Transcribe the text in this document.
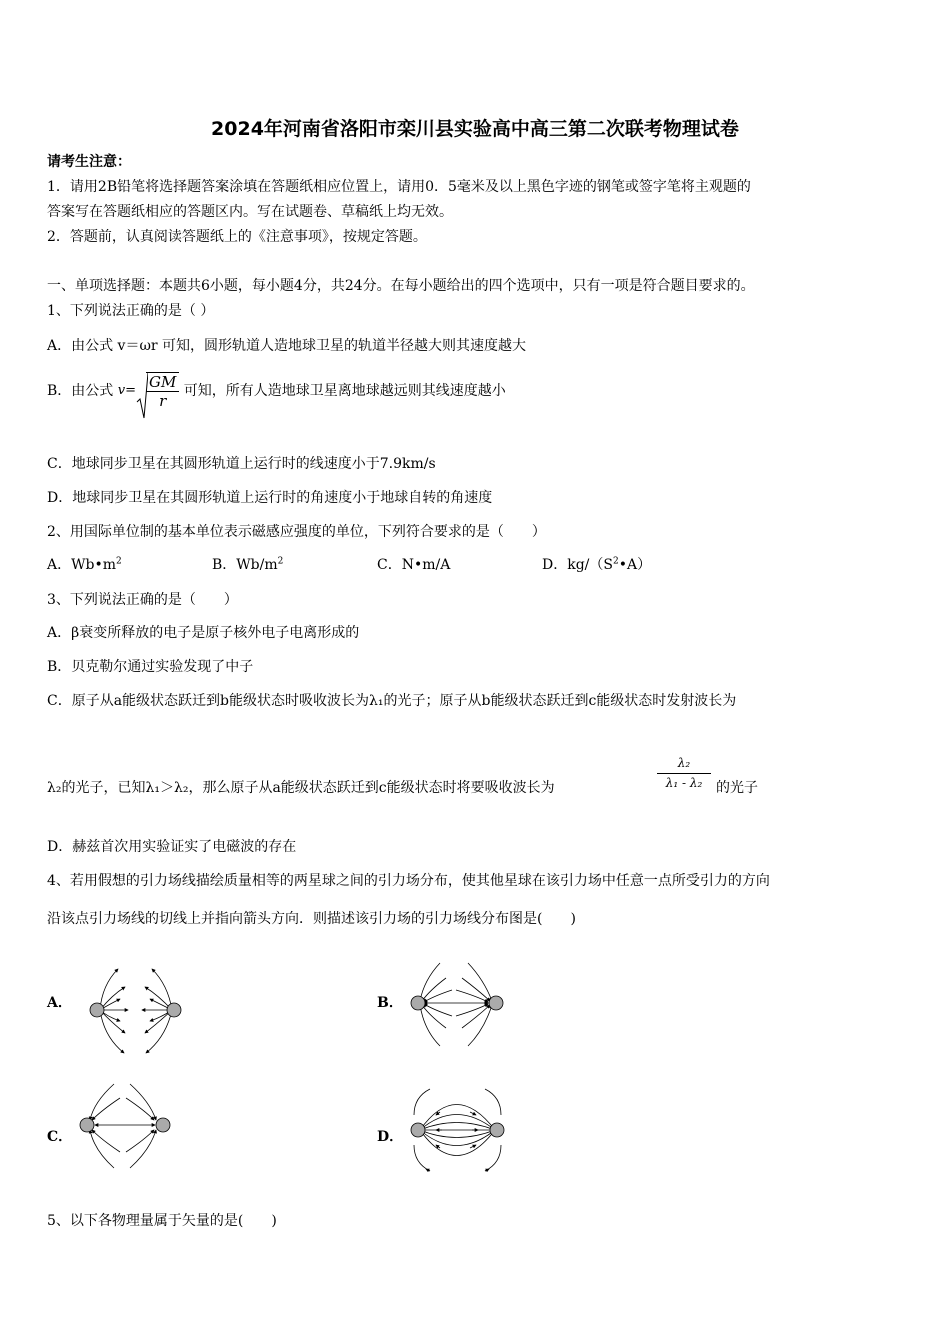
2024年河南省洛阳市栾川县实验高中高三第二次联考物理试卷
请考生注意：
1．请用2B铅笔将选择题答案涂填在答题纸相应位置上，请用0．5毫米及以上黑色字迹的钢笔或签字笔将主观题的
答案写在答题纸相应的答题区内。写在试题卷、草稿纸上均无效。
2．答题前，认真阅读答题纸上的《注意事项》，按规定答题。
一、单项选择题：本题共6小题，每小题4分，共24分。在每小题给出的四个选项中，只有一项是符合题目要求的。
1、下列说法正确的是（ ）
A．由公式 v＝ωr 可知，圆形轨道人造地球卫星的轨道半径越大则其速度越大
B．由公式 $v= \frac{GM}{r}$ 可知，所有人造地球卫星离地球越远则其线速度越小
C．地球同步卫星在其圆形轨道上运行时的线速度小于7.9km/s
D．地球同步卫星在其圆形轨道上运行时的角速度小于地球自转的角速度
2、用国际单位制的基本单位表示磁感应强度的单位，下列符合要求的是（　　）
A．$Wb•m^2$	B．$Wb/m^2$	C．N•m/A	D．$kg/(S^2•A)$
3、下列说法正确的是（　　）
A．β衰变所释放的电子是原子核外电子电离形成的
B．贝克勒尔通过实验发现了中子
C．原子从a能级状态跃迁到b能级状态时吸收波长为λ₁的光子；原子从b能级状态跃迁到c能级状态时发射波长为
λ₂的光子，已知λ₁＞λ₂，那么原子从a能级状态跃迁到c能级状态时将要吸收波长为	$\frac{\text{λ₂}}{\text{λ₁ - λ₂}}$ 的光子
D．赫兹首次用实验证实了电磁波的存在
4、若用假想的引力场线描绘质量相等的两星球之间的引力场分布，使其他星球在该引力场中任意一点所受引力的方向
沿该点引力场线的切线上并指向箭头方向．则描述该引力场的引力场线分布图是(　　)
A．	B．
C．	D．
5、以下各物理量属于矢量的是(　　)
